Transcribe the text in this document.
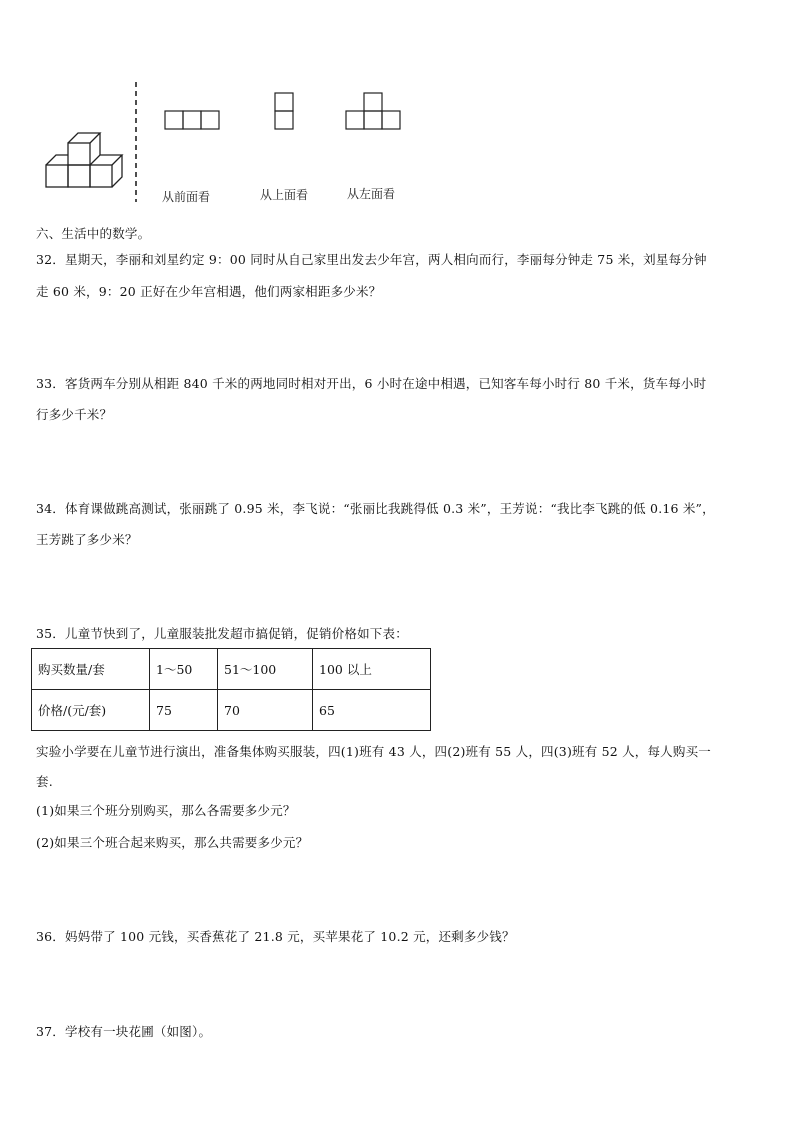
从前面看	从上面看	从左面看
六、生活中的数学。
32．星期天，李丽和刘星约定 9：00 同时从自己家里出发去少年宫，两人相向而行，李丽每分钟走 75 米，刘星每分钟
走 60 米，9：20 正好在少年宫相遇，他们两家相距多少米？
33．客货两车分别从相距 840 千米的两地同时相对开出，6 小时在途中相遇，已知客车每小时行 80 千米，货车每小时
行多少千米？
34．体育课做跳高测试，张丽跳了 0.95 米，李飞说：“张丽比我跳得低 0.3 米”，王芳说：“我比李飞跳的低 0.16 米”，
王芳跳了多少米？
35．儿童节快到了，儿童服装批发超市搞促销，促销价格如下表：
购买数量/套	1～50	51～100	100 以上
价格/(元/套)	75	70	65
实验小学要在儿童节进行演出，准备集体购买服装，四(1)班有 43 人，四(2)班有 55 人，四(3)班有 52 人，每人购买一
套.
(1)如果三个班分别购买，那么各需要多少元？
(2)如果三个班合起来购买，那么共需要多少元？
36．妈妈带了 100 元钱，买香蕉花了 21.8 元，买苹果花了 10.2 元，还剩多少钱？
37．学校有一块花圃（如图）。
